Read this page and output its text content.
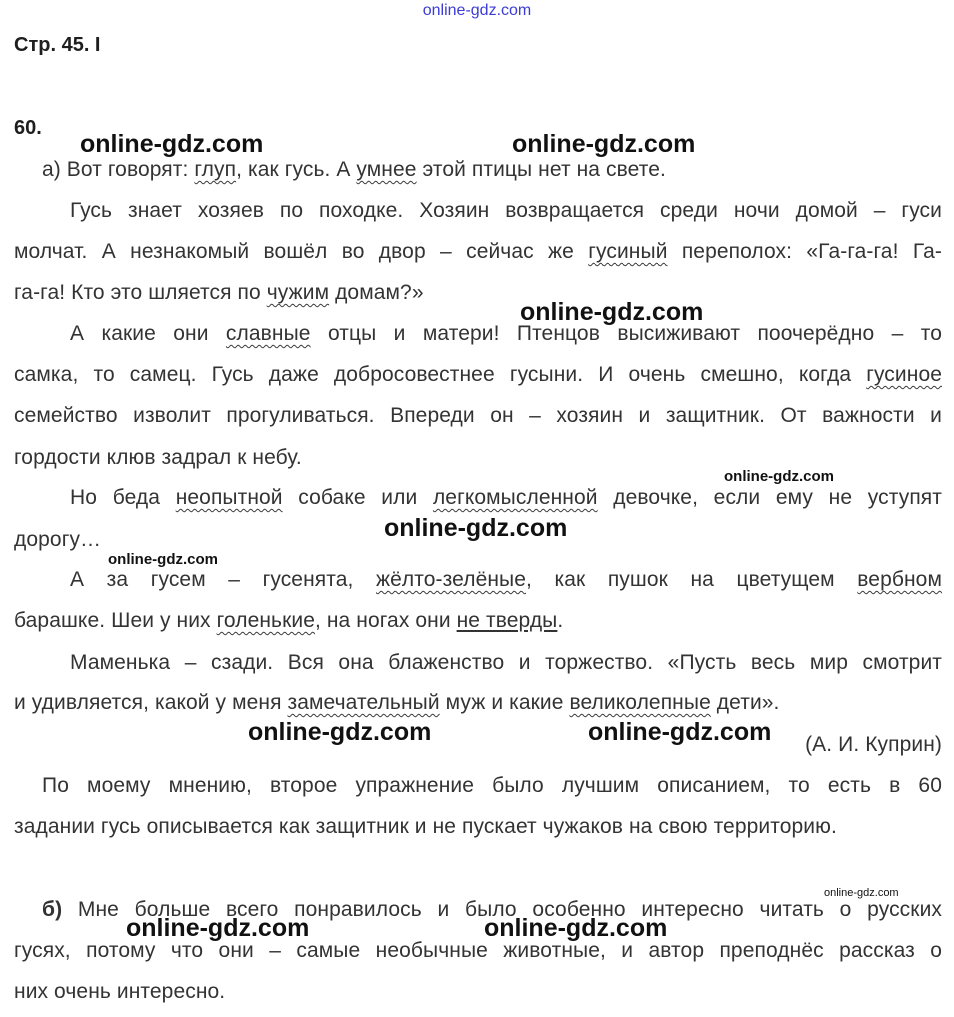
online-gdz.com
Стр. 45. I
60.
а) Вот говорят: глуп, как гусь. А умнее этой птицы нет на свете.
Гусь знает хозяев по походке. Хозяин возвращается среди ночи домой – гуси
молчат. А незнакомый вошёл во двор – сейчас же гусиный переполох: «Га-га-га! Га-
га-га! Кто это шляется по чужим домам?»
А какие они славные отцы и матери! Птенцов высиживают поочерёдно – то
самка, то самец. Гусь даже добросовестнее гусыни. И очень смешно, когда гусиное
семейство изволит прогуливаться. Впереди он – хозяин и защитник. От важности и
гордости клюв задрал к небу.
Но беда неопытной собаке или легкомысленной девочке, если ему не уступят
дорогу…
А за гусем – гусенята, жёлто-зелёные, как пушок на цветущем вербном
барашке. Шеи у них голенькие, на ногах они не тверды.
Маменька – сзади. Вся она блаженство и торжество. «Пусть весь мир смотрит
и удивляется, какой у меня замечательный муж и какие великолепные дети».
(А. И. Куприн)
По моему мнению, второе упражнение было лучшим описанием, то есть в 60
задании гусь описывается как защитник и не пускает чужаков на свою территорию.
б) Мне больше всего понравилось и было особенно интересно читать о русских
гусях, потому что они – самые необычные животные, и автор преподнёс рассказ о
них очень интересно.
online-gdz.com	online-gdz.com
online-gdz.com
online-gdz.com
online-gdz.com
online-gdz.com
online-gdz.com	online-gdz.com
online-gdz.com
online-gdz.com	online-gdz.com
